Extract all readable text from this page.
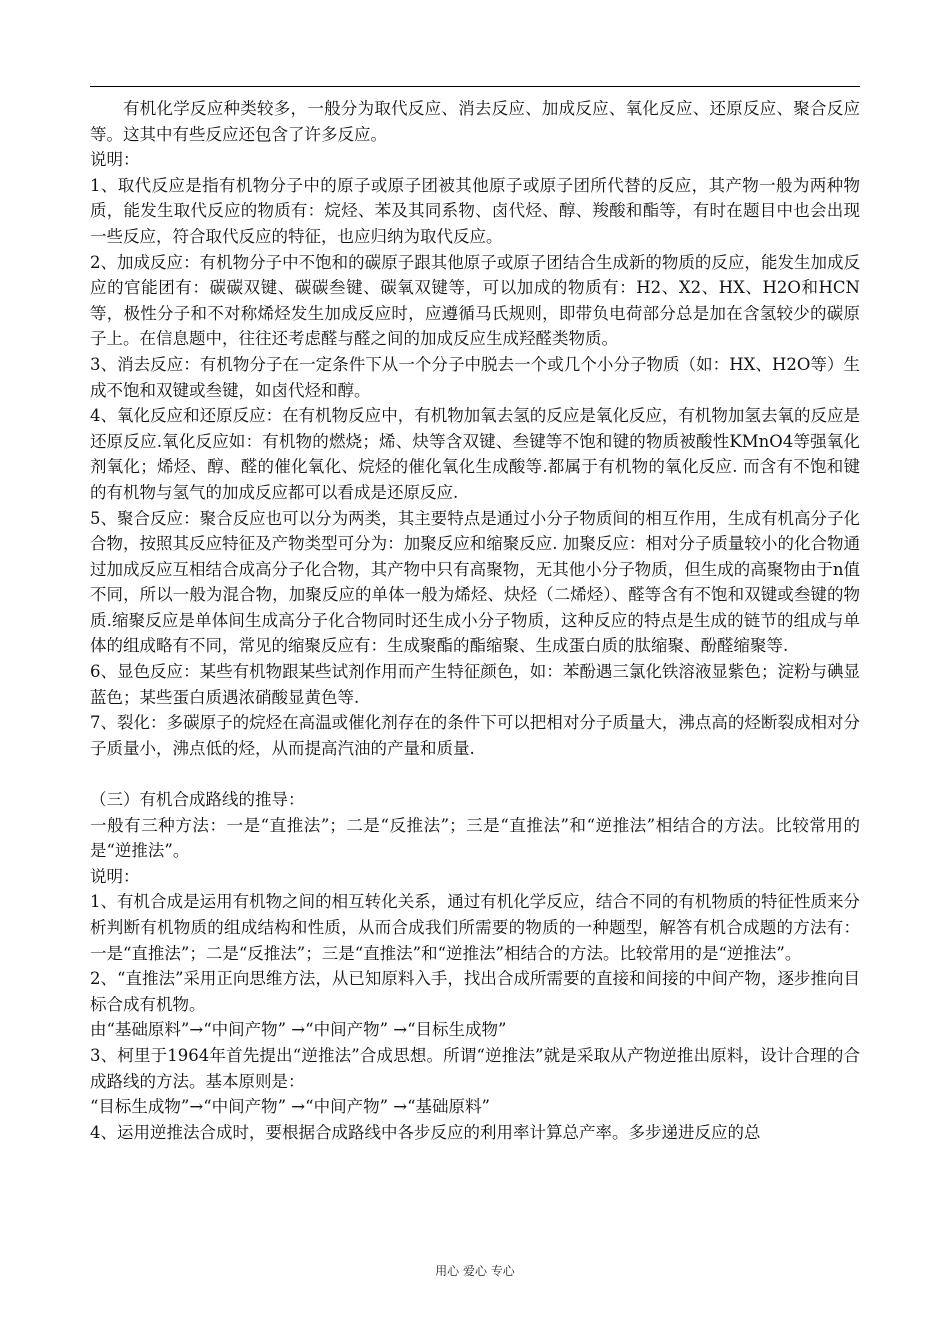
有机化学反应种类较多，一般分为取代反应、消去反应、加成反应、氧化反应、还原反应、聚合反应等。这其中有些反应还包含了许多反应。

说明：

1、取代反应是指有机物分子中的原子或原子团被其他原子或原子团所代替的反应，其产物一般为两种物质，能发生取代反应的物质有：烷烃、苯及其同系物、卤代烃、醇、羧酸和酯等，有时在题目中也会出现一些反应，符合取代反应的特征，也应归纳为取代反应。

2、加成反应：有机物分子中不饱和的碳原子跟其他原子或原子团结合生成新的物质的反应，能发生加成反应的官能团有：碳碳双键、碳碳叁键、碳氧双键等，可以加成的物质有：H2、X2、HX、H2O和HCN等，极性分子和不对称烯烃发生加成反应时，应遵循马氏规则，即带负电荷部分总是加在含氢较少的碳原子上。在信息题中，往往还考虑醛与醛之间的加成反应生成羟醛类物质。

3、消去反应：有机物分子在一定条件下从一个分子中脱去一个或几个小分子物质（如：HX、H2O等）生成不饱和双键或叁键，如卤代烃和醇。

4、氧化反应和还原反应：在有机物反应中，有机物加氧去氢的反应是氧化反应，有机物加氢去氧的反应是还原反应.氧化反应如：有机物的燃烧；烯、炔等含双键、叁键等不饱和键的物质被酸性KMnO4等强氧化剂氧化；烯烃、醇、醛的催化氧化、烷烃的催化氧化生成酸等.都属于有机物的氧化反应. 而含有不饱和键的有机物与氢气的加成反应都可以看成是还原反应.

5、聚合反应：聚合反应也可以分为两类，其主要特点是通过小分子物质间的相互作用，生成有机高分子化合物，按照其反应特征及产物类型可分为：加聚反应和缩聚反应. 加聚反应：相对分子质量较小的化合物通过加成反应互相结合成高分子化合物，其产物中只有高聚物，无其他小分子物质，但生成的高聚物由于n值不同，所以一般为混合物，加聚反应的单体一般为烯烃、炔烃（二烯烃）、醛等含有不饱和双键或叁键的物质.缩聚反应是单体间生成高分子化合物同时还生成小分子物质，这种反应的特点是生成的链节的组成与单体的组成略有不同，常见的缩聚反应有：生成聚酯的酯缩聚、生成蛋白质的肽缩聚、酚醛缩聚等.

6、显色反应：某些有机物跟某些试剂作用而产生特征颜色，如：苯酚遇三氯化铁溶液显紫色；淀粉与碘显蓝色；某些蛋白质遇浓硝酸显黄色等.

7、裂化：多碳原子的烷烃在高温或催化剂存在的条件下可以把相对分子质量大，沸点高的烃断裂成相对分子质量小，沸点低的烃，从而提高汽油的产量和质量.

（三）有机合成路线的推导：

一般有三种方法：一是“直推法”；二是“反推法”；三是“直推法”和“逆推法”相结合的方法。比较常用的是“逆推法”。

说明：

1、有机合成是运用有机物之间的相互转化关系，通过有机化学反应，结合不同的有机物质的特征性质来分析判断有机物质的组成结构和性质，从而合成我们所需要的物质的一种题型，解答有机合成题的方法有：一是“直推法”；二是“反推法”；三是“直推法”和“逆推法”相结合的方法。比较常用的是“逆推法”。

2、“直推法”采用正向思维方法，从已知原料入手，找出合成所需要的直接和间接的中间产物，逐步推向目标合成有机物。

由“基础原料”→“中间产物” →“中间产物” →“目标生成物”

3、柯里于1964年首先提出“逆推法”合成思想。所谓“逆推法”就是采取从产物逆推出原料，设计合理的合成路线的方法。基本原则是：

“目标生成物”→“中间产物” →“中间产物” →“基础原料”

4、运用逆推法合成时，要根据合成路线中各步反应的利用率计算总产率。多步递进反应的总

用心 爱心 专心
